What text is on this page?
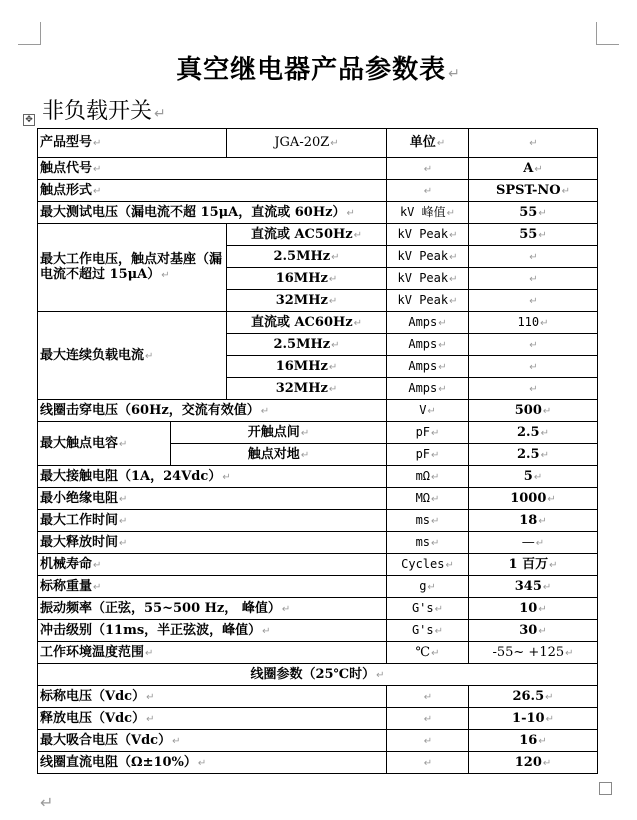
真空继电器产品参数表 ↵
非负载开关 ↵
✥
产品型号↵		JGA-20Z↵	单位↵	↵
触点代号↵			↵	A↵
触点形式↵			↵	SPST-NO↵
最大测试电压（漏电流不超 15μA，直流或 60Hz）↵			kV 峰值↵	55↵
最大工作电压，触点对基座（漏电流不超过 15μA）↵		直流或 AC50Hz↵	kV Peak↵	55↵
		2.5MHz↵	kV Peak↵	↵
		16MHz↵	kV Peak↵	↵
		32MHz↵	kV Peak↵	↵
最大连续负载电流↵		直流或 AC60Hz↵	Amps↵	110↵
		2.5MHz↵	Amps↵	↵
		16MHz↵	Amps↵	↵
		32MHz↵	Amps↵	↵
线圈击穿电压（60Hz，交流有效值）↵			V↵	500↵
最大触点电容↵	开触点间↵		pF↵	2.5↵
	触点对地↵		pF↵	2.5↵
最大接触电阻（1A，24Vdc）↵			mΩ↵	5↵
最小绝缘电阻↵			MΩ↵	1000↵
最大工作时间↵			ms↵	18↵
最大释放时间↵			ms↵	—↵
机械寿命↵			Cycles↵	1 百万↵
标称重量↵			g↵	345↵
振动频率（正弦，55~500 Hz， 峰值）↵			G's↵	10↵
冲击级别（11ms，半正弦波，峰值）↵			G's↵	30↵
工作环境温度范围↵			℃↵	-55~ +125↵
线圈参数（25℃时）↵				
标称电压（Vdc）↵			↵	26.5↵
释放电压（Vdc）↵			↵	1-10↵
最大吸合电压（Vdc）↵			↵	16↵
线圈直流电阻（Ω±10%）↵			↵	120↵
↵
